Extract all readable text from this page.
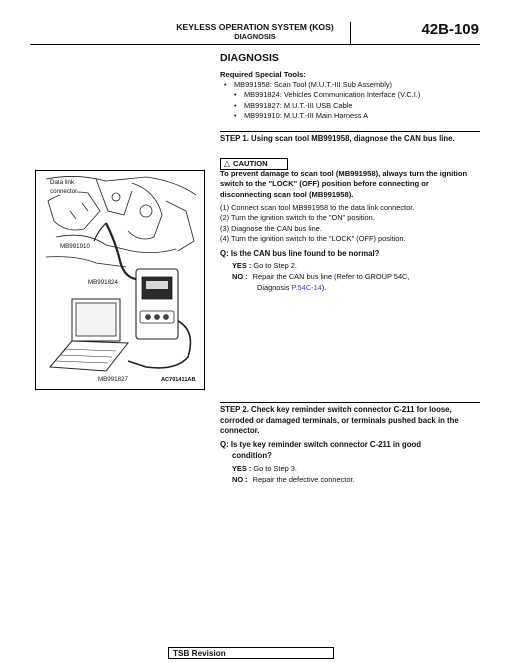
KEYLESS OPERATION SYSTEM (KOS)
DIAGNOSIS	42B-109
DIAGNOSIS
Required Special Tools:
• MB991958: Scan Tool (M.U.T.-III Sub Assembly)
• MB991824: Vehicles Communication Interface (V.C.I.)
• MB991827: M.U.T.-III USB Cable
• MB991910: M.U.T.-III Main Harness A
STEP 1. Using scan tool MB991958, diagnose the CAN bus line.
△ CAUTION
To prevent damage to scan tool (MB991958), always turn the ignition switch to the "LOCK" (OFF) position before connecting or disconnecting scan tool (MB991958).
(1) Connect scan tool MB991958 to the data link connector.
(2) Turn the ignition switch to the "ON" position.
(3) Diagnose the CAN bus line.
(4) Turn the ignition switch to the "LOCK" (OFF) position.
Q: Is the CAN bus line found to be normal?
YES : Go to Step 2.
NO : Repair the CAN bus line (Refer to GROUP 54C,
Diagnosis P.54C-14).
Data link
connector
MB991910
MB991824
MB991827	AC701411AB
STEP 2. Check key reminder switch connector C-211 for loose, corroded or damaged terminals, or terminals pushed back in the connector.
Q: Is tye key reminder switch connector C-211 in good
condition?
YES : Go to Step 3.
NO : Repair the defective connector.
TSB Revision
